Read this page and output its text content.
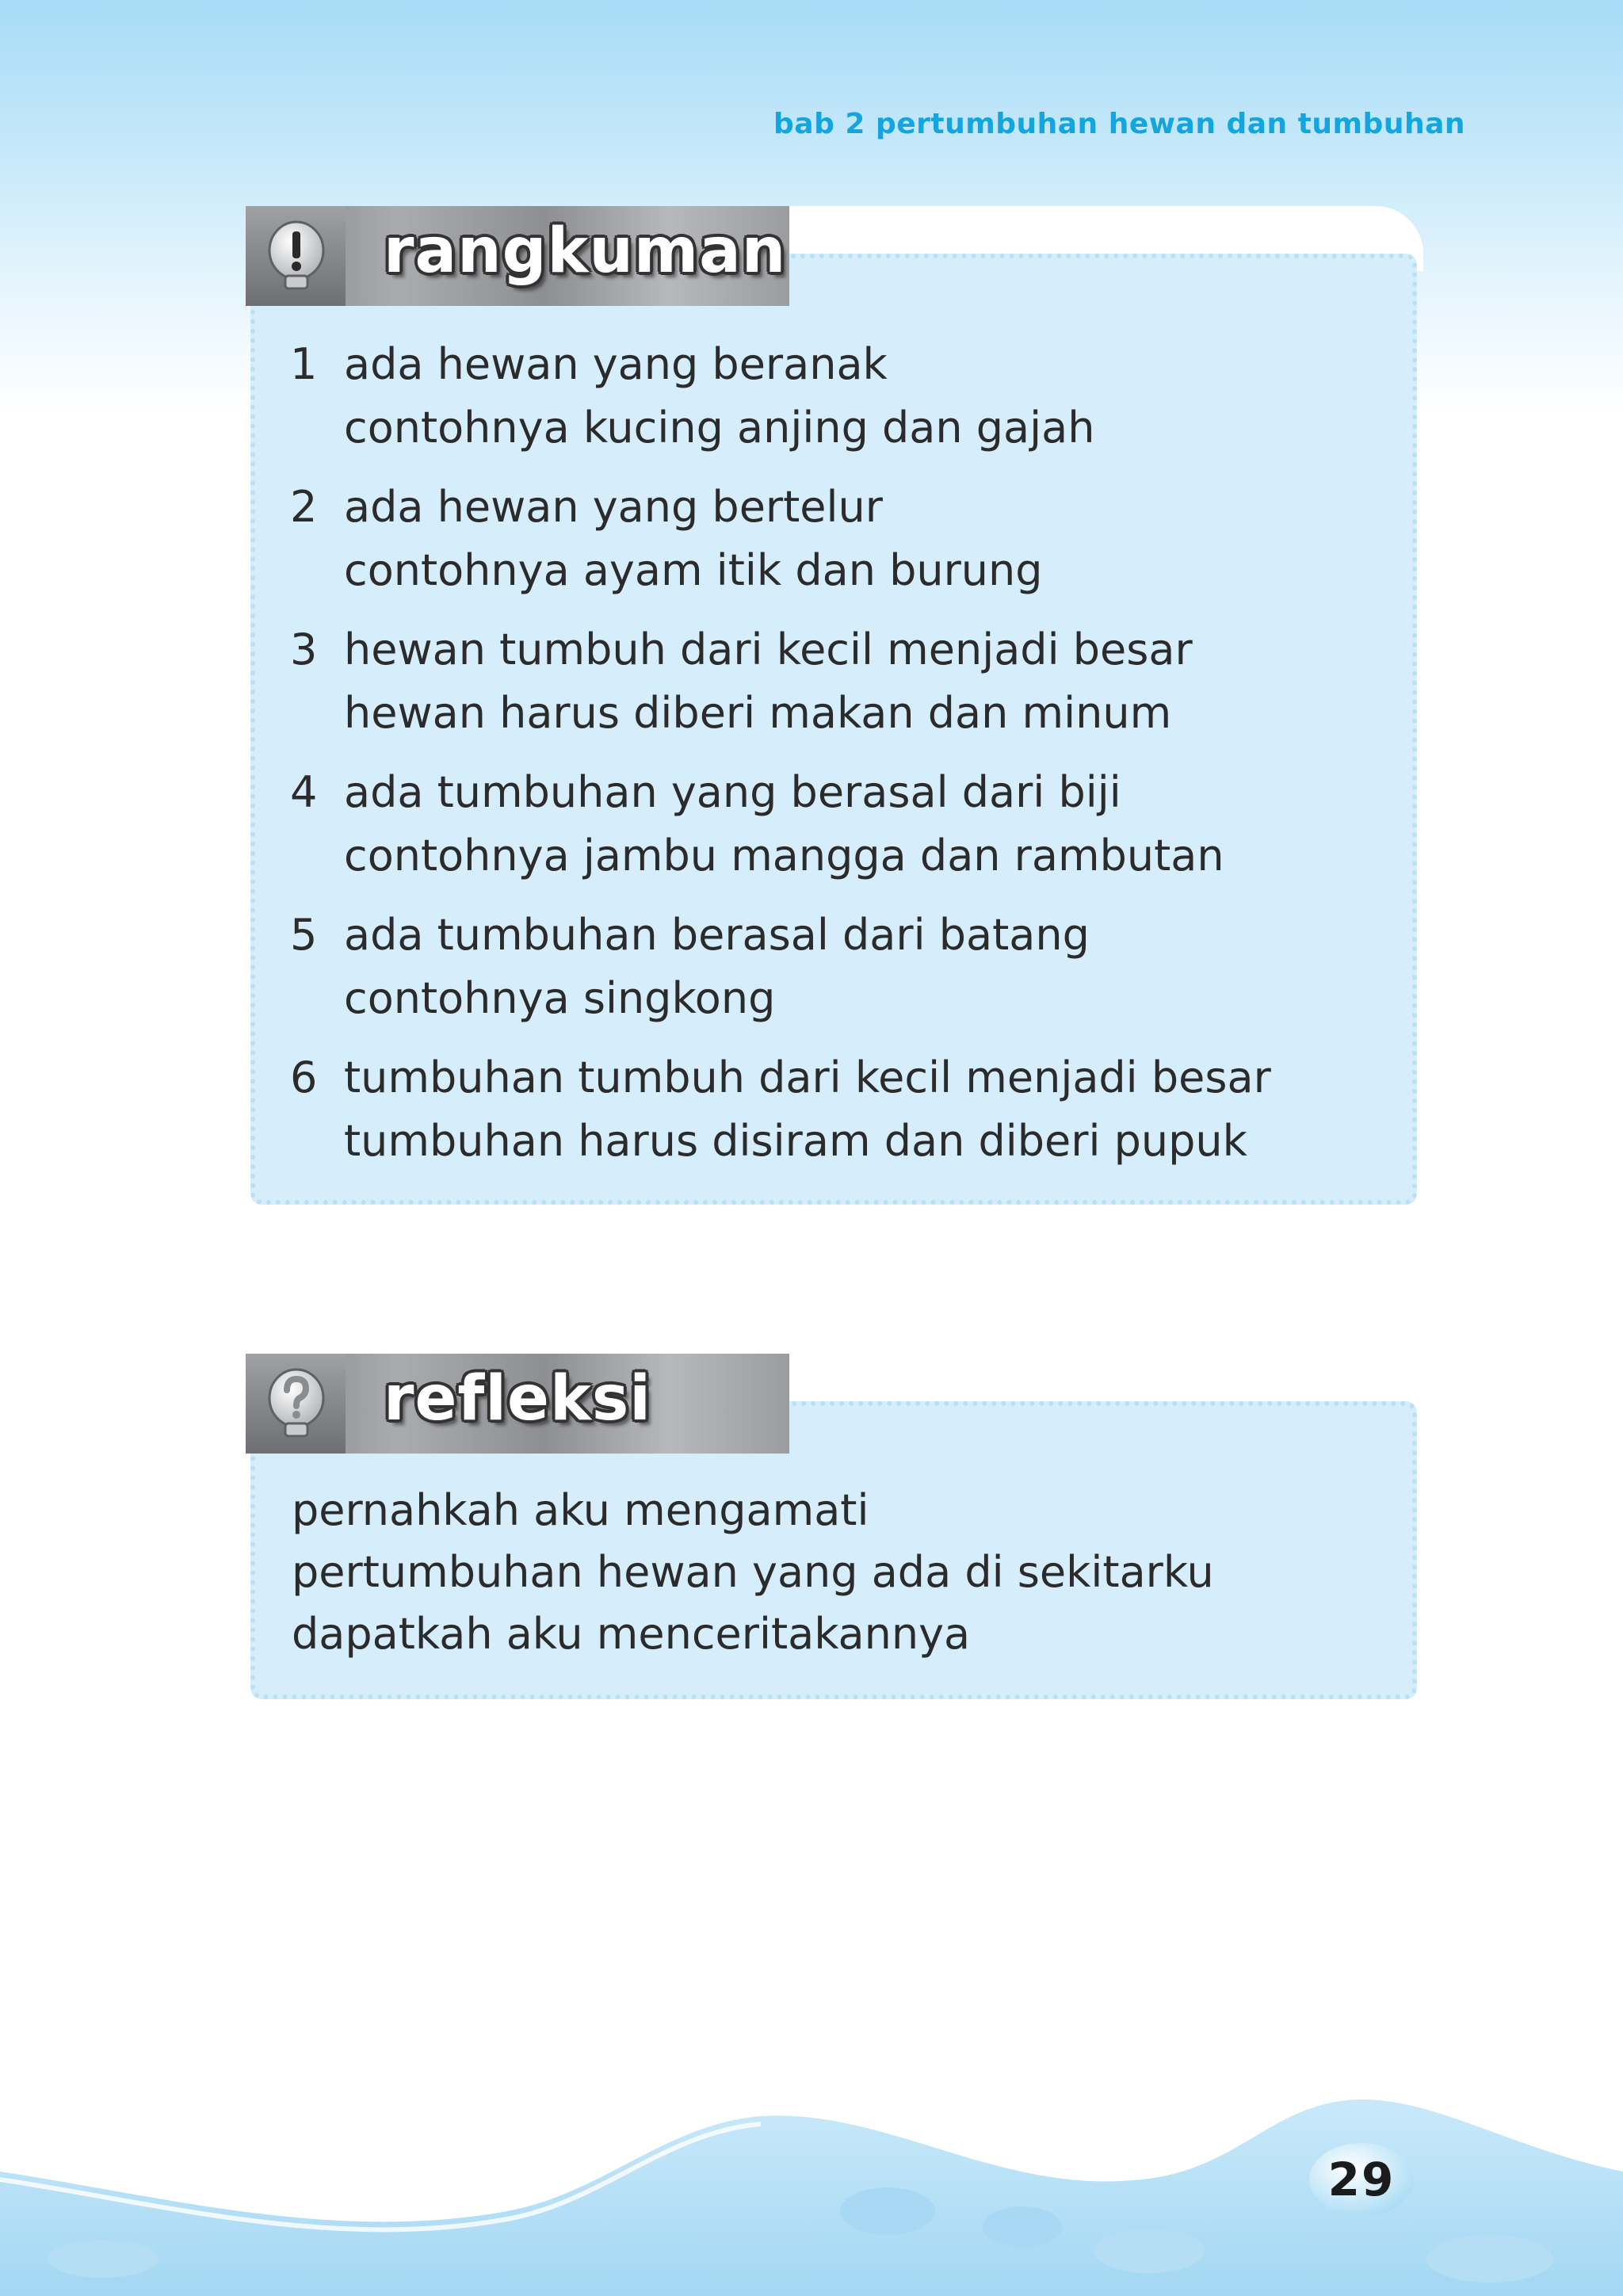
bab 2 pertumbuhan hewan dan tumbuhan
rangkuman
1 ada hewan yang beranak
contohnya kucing anjing dan gajah
2 ada hewan yang bertelur
contohnya ayam itik dan burung
3 hewan tumbuh dari kecil menjadi besar
hewan harus diberi makan dan minum
4 ada tumbuhan yang berasal dari biji
contohnya jambu mangga dan rambutan
5 ada tumbuhan berasal dari batang
contohnya singkong
6 tumbuhan tumbuh dari kecil menjadi besar
tumbuhan harus disiram dan diberi pupuk
refleksi
pernahkah aku mengamati
pertumbuhan hewan yang ada di sekitarku
dapatkah aku menceritakannya
29
